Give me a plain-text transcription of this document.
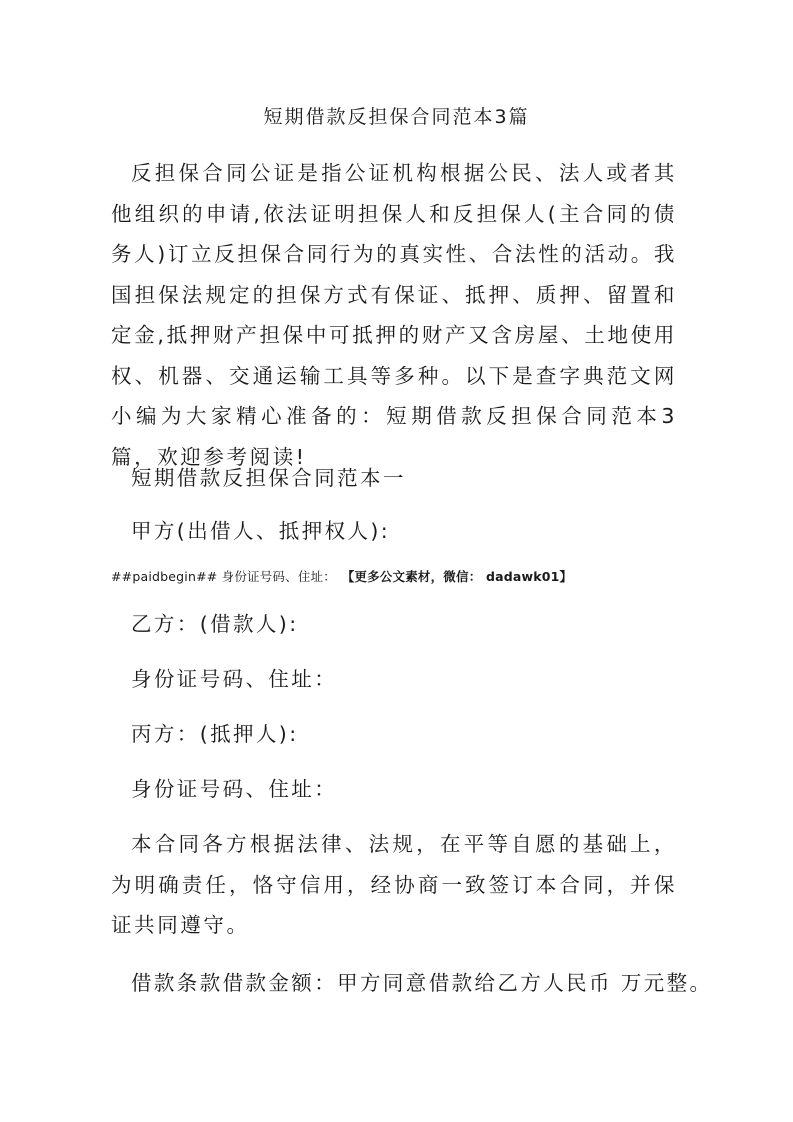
短期借款反担保合同范本3篇

反担保合同公证是指公证机构根据公民、法人或者其他组织的申请,依法证明担保人和反担保人(主合同的债务人)订立反担保合同行为的真实性、合法性的活动。我国担保法规定的担保方式有保证、抵押、质押、留置和定金,抵押财产担保中可抵押的财产又含房屋、土地使用权、机器、交通运输工具等多种。以下是查字典范文网小编为大家精心准备的：短期借款反担保合同范本3篇，欢迎参考阅读!

短期借款反担保合同范本一
甲方(出借人、抵押权人):
##paidbegin## 身份证号码、住址： 【更多公文素材，微信： dadawk01】
乙方：(借款人):
身份证号码、住址：
丙方：(抵押人):
身份证号码、住址：

本合同各方根据法律、法规，在平等自愿的基础上，为明确责任，恪守信用，经协商一致签订本合同，并保证共同遵守。

借款条款借款金额：甲方同意借款给乙方人民币 万元整。
